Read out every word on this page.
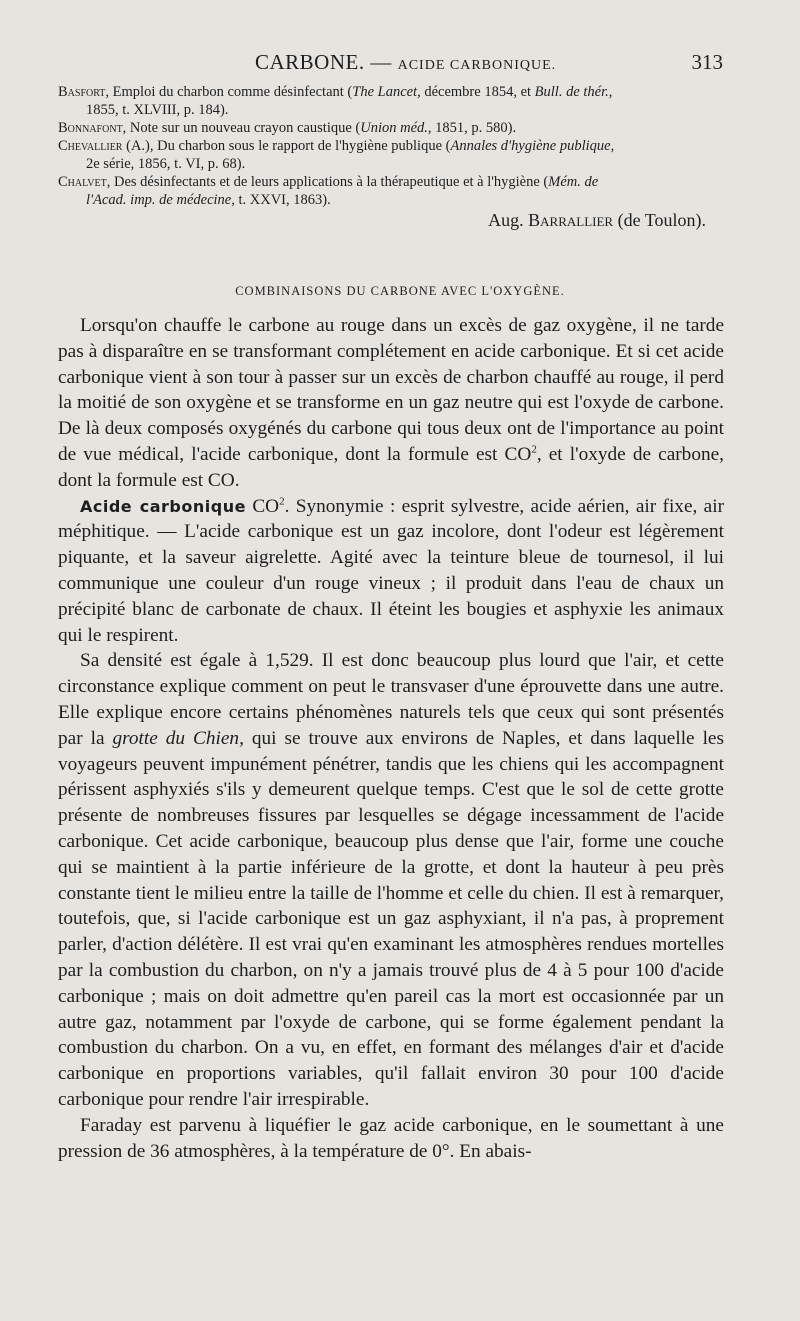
CARBONE. — ACIDE CARBONIQUE.	313

Basfort, Emploi du charbon comme désinfectant (The Lancet, décembre 1854, et Bull. de thér.,
1855, t. XLVIII, p. 184).

Bonnafont, Note sur un nouveau crayon caustique (Union méd., 1851, p. 580).

Chevallier (A.), Du charbon sous le rapport de l'hygiène publique (Annales d'hygiène publique,
2e série, 1856, t. VI, p. 68).

Chalvet, Des désinfectants et de leurs applications à la thérapeutique et à l'hygiène (Mém. de
l'Acad. imp. de médecine, t. XXVI, 1863).

Aug. Barrallier (de Toulon).
COMBINAISONS DU CARBONE AVEC L'OXYGÈNE.

Lorsqu'on chauffe le carbone au rouge dans un excès de gaz oxygène, il ne tarde pas à disparaître en se transformant complétement en acide carbonique. Et si cet acide carbonique vient à son tour à passer sur un excès de charbon chauffé au rouge, il perd la moitié de son oxygène et se transforme en un gaz neutre qui est l'oxyde de carbone. De là deux composés oxygénés du carbone qui tous deux ont de l'importance au point de vue médical, l'acide carbonique, dont la formule est $CO^2$, et l'oxyde de carbone, dont la formule est CO.

Acide carbonique $CO^2$. Synonymie : esprit sylvestre, acide aérien, air fixe, air méphitique. — L'acide carbonique est un gaz incolore, dont l'odeur est légèrement piquante, et la saveur aigrelette. Agité avec la teinture bleue de tournesol, il lui communique une couleur d'un rouge vineux ; il produit dans l'eau de chaux un précipité blanc de carbonate de chaux. Il éteint les bougies et asphyxie les animaux qui le respirent.

Sa densité est égale à 1,529. Il est donc beaucoup plus lourd que l'air, et cette circonstance explique comment on peut le transvaser d'une éprouvette dans une autre. Elle explique encore certains phénomènes naturels tels que ceux qui sont présentés par la grotte du Chien, qui se trouve aux environs de Naples, et dans laquelle les voyageurs peuvent impunément pénétrer, tandis que les chiens qui les accompagnent périssent asphyxiés s'ils y demeurent quelque temps. C'est que le sol de cette grotte présente de nombreuses fissures par lesquelles se dégage incessamment de l'acide carbonique. Cet acide carbonique, beaucoup plus dense que l'air, forme une couche qui se maintient à la partie inférieure de la grotte, et dont la hauteur à peu près constante tient le milieu entre la taille de l'homme et celle du chien. Il est à remarquer, toutefois, que, si l'acide carbonique est un gaz asphyxiant, il n'a pas, à proprement parler, d'action délétère. Il est vrai qu'en examinant les atmosphères rendues mortelles par la combustion du charbon, on n'y a jamais trouvé plus de 4 à 5 pour 100 d'acide carbonique ; mais on doit admettre qu'en pareil cas la mort est occasionnée par un autre gaz, notamment par l'oxyde de carbone, qui se forme également pendant la combustion du charbon. On a vu, en effet, en formant des mélanges d'air et d'acide carbonique en proportions variables, qu'il fallait environ 30 pour 100 d'acide carbonique pour rendre l'air irrespirable.

Faraday est parvenu à liquéfier le gaz acide carbonique, en le soumettant à une pression de 36 atmosphères, à la température de 0°. En abais-
